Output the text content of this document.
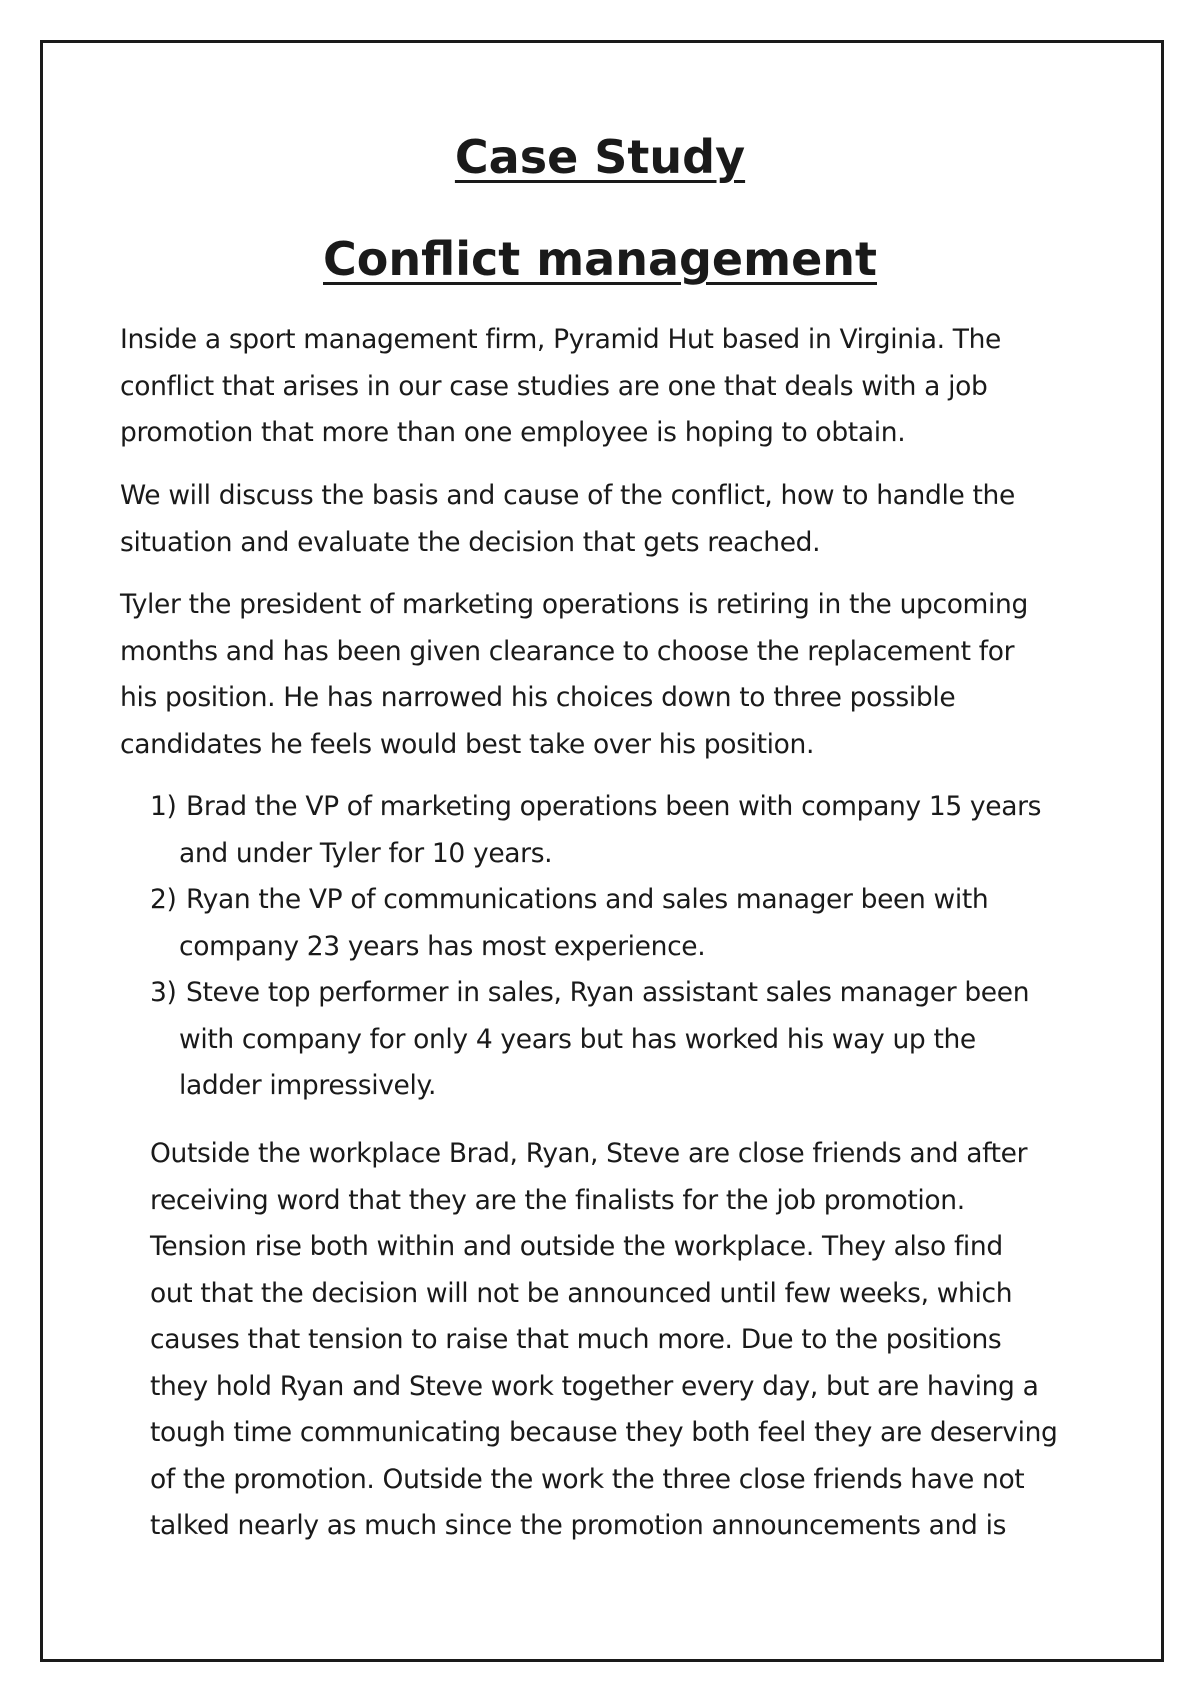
Case Study
Conflict management

Inside a sport management firm, Pyramid Hut based in Virginia. The
conflict that arises in our case studies are one that deals with a job
promotion that more than one employee is hoping to obtain.

We will discuss the basis and cause of the conflict, how to handle the
situation and evaluate the decision that gets reached.

Tyler the president of marketing operations is retiring in the upcoming
months and has been given clearance to choose the replacement for
his position. He has narrowed his choices down to three possible
candidates he feels would best take over his position.

1) Brad the VP of marketing operations been with company 15 years
and under Tyler for 10 years.
2) Ryan the VP of communications and sales manager been with
company 23 years has most experience.
3) Steve top performer in sales, Ryan assistant sales manager been
with company for only 4 years but has worked his way up the
ladder impressively.

Outside the workplace Brad, Ryan, Steve are close friends and after
receiving word that they are the finalists for the job promotion.
Tension rise both within and outside the workplace. They also find
out that the decision will not be announced until few weeks, which
causes that tension to raise that much more. Due to the positions
they hold Ryan and Steve work together every day, but are having a
tough time communicating because they both feel they are deserving
of the promotion. Outside the work the three close friends have not
talked nearly as much since the promotion announcements and is
